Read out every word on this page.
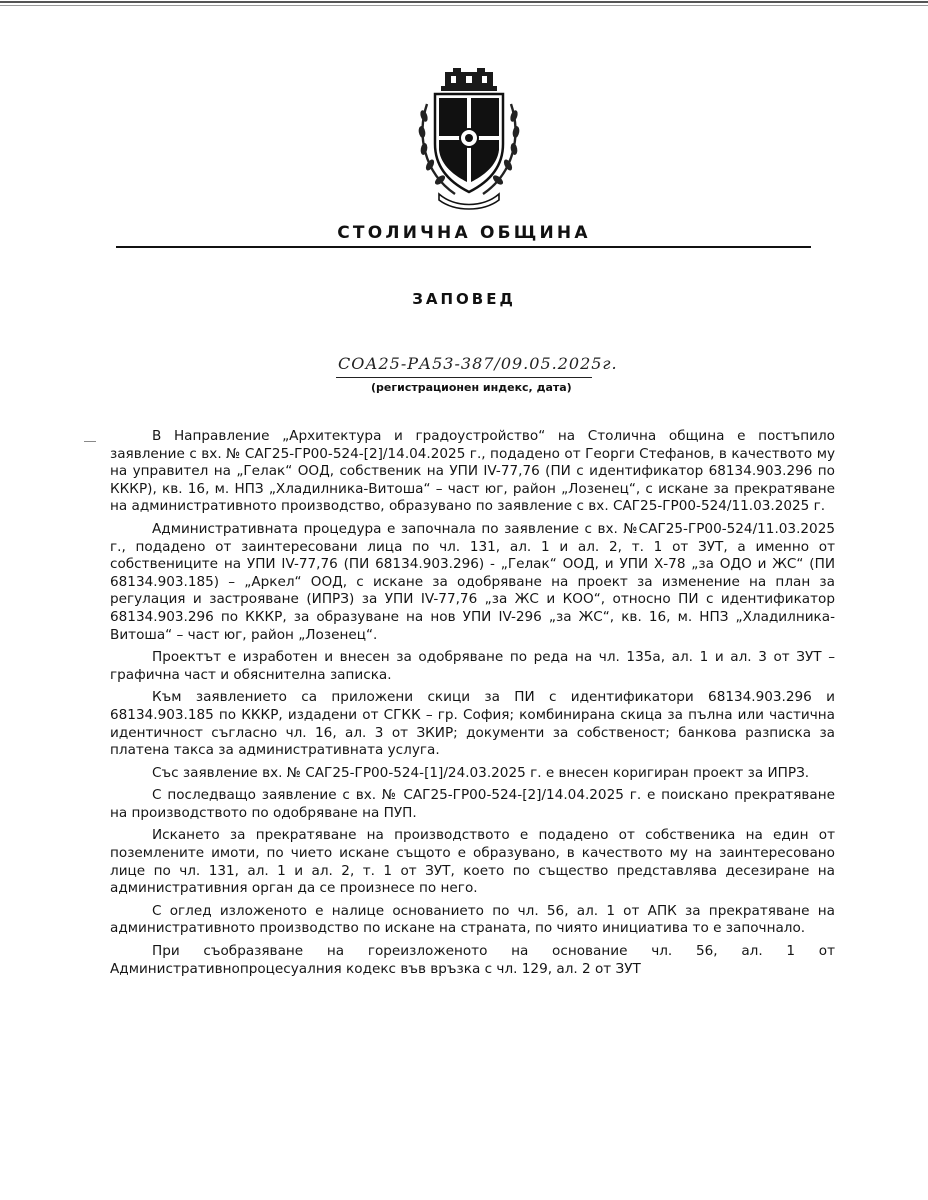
СТОЛИЧНА ОБЩИНА
ЗАПОВЕД
СОА25-РА53-387/09.05.2025г.
(регистрационен индекс, дата)

В Направление „Архитектура и градоустройство“ на Столична община е постъпило заявление с вх. № САГ25-ГР00-524-[2]/14.04.2025 г., подадено от Георги Стефанов, в качеството му на управител на „Гелак“ ООД, собственик на УПИ IV-77,76 (ПИ с идентификатор 68134.903.296 по КККР), кв. 16, м. НПЗ „Хладилника-Витоша“ – част юг, район „Лозенец“, с искане за прекратяване на административното производство, образувано по заявление с вх. САГ25-ГР00-524/11.03.2025 г.

Административната процедура е започнала по заявление с вх. №САГ25-ГР00-524/11.03.2025 г., подадено от заинтересовани лица по чл. 131, ал. 1 и ал. 2, т. 1 от ЗУТ, а именно от собствениците на УПИ IV-77,76 (ПИ 68134.903.296) - „Гелак“ ООД, и УПИ Х-78 „за ОДО и ЖС“ (ПИ 68134.903.185) – „Аркел“ ООД, с искане за одобряване на проект за изменение на план за регулация и застрояване (ИПРЗ) за УПИ IV-77,76 „за ЖС и КОО“, относно ПИ с идентификатор 68134.903.296 по КККР, за образуване на нов УПИ IV-296 „за ЖС“, кв. 16, м. НПЗ „Хладилника-Витоша“ – част юг, район „Лозенец“.

Проектът е изработен и внесен за одобряване по реда на чл. 135а, ал. 1 и ал. 3 от ЗУТ – графична част и обяснителна записка.

Към заявлението са приложени скици за ПИ с идентификатори 68134.903.296 и 68134.903.185 по КККР, издадени от СГКК – гр. София; комбинирана скица за пълна или частична идентичност съгласно чл. 16, ал. 3 от ЗКИР; документи за собственост; банкова разписка за платена такса за административната услуга.

Със заявление вх. № САГ25-ГР00-524-[1]/24.03.2025 г. е внесен коригиран проект за ИПРЗ.

С последващо заявление с вх. № САГ25-ГР00-524-[2]/14.04.2025 г. е поискано прекратяване на производството по одобряване на ПУП.

Искането за прекратяване на производството е подадено от собственика на един от поземлените имоти, по чието искане същото е образувано, в качеството му на заинтересовано лице по чл. 131, ал. 1 и ал. 2, т. 1 от ЗУТ, което по същество представлява десезиране на административния орган да се произнесе по него.

С оглед изложеното е налице основанието по чл. 56, ал. 1 от АПК за прекратяване на административното производство по искане на страната, по чиято инициатива то е започнало.

При съобразяване на гореизложеното на основание чл. 56, ал. 1 от Административнопроцесуалния кодекс във връзка с чл. 129, ал. 2 от ЗУТ
